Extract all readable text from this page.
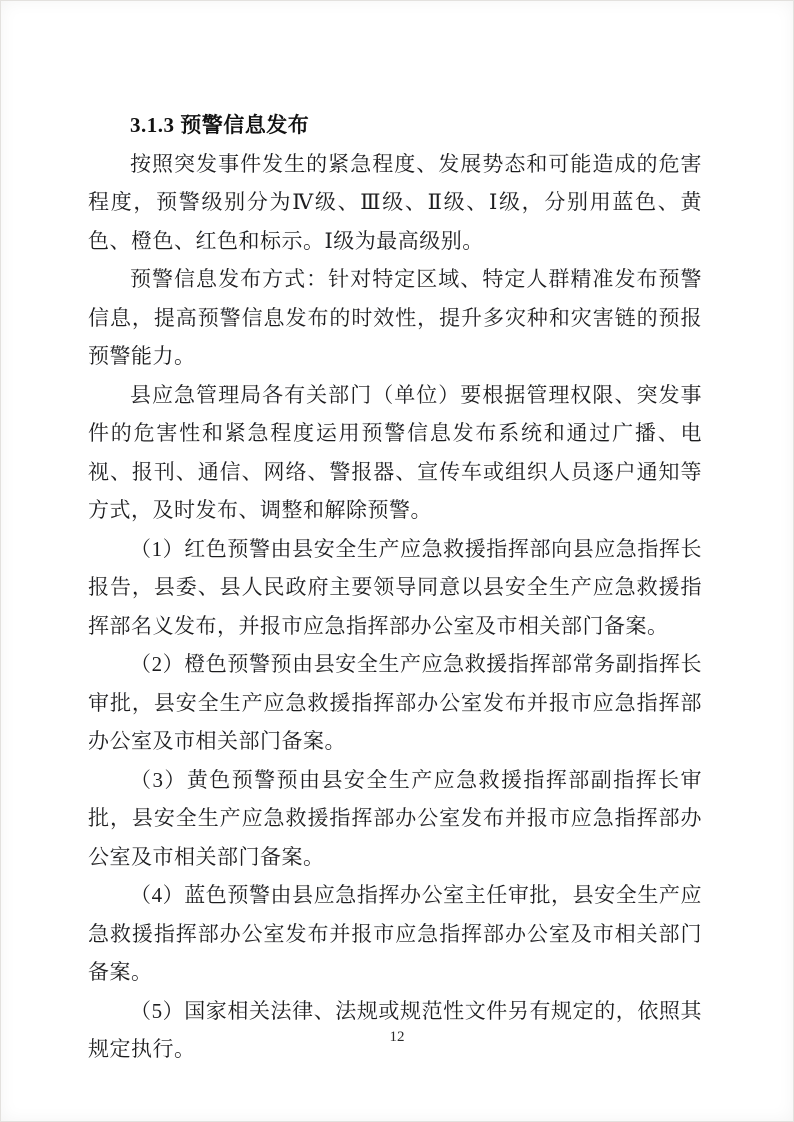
3.1.3 预警信息发布

按照突发事件发生的紧急程度、发展势态和可能造成的危害程度，预警级别分为Ⅳ级、Ⅲ级、Ⅱ级、Ⅰ级，分别用蓝色、黄色、橙色、红色和标示。Ⅰ级为最高级别。

预警信息发布方式：针对特定区域、特定人群精准发布预警信息，提高预警信息发布的时效性，提升多灾种和灾害链的预报预警能力。

县应急管理局各有关部门（单位）要根据管理权限、突发事件的危害性和紧急程度运用预警信息发布系统和通过广播、电视、报刊、通信、网络、警报器、宣传车或组织人员逐户通知等方式，及时发布、调整和解除预警。

（1）红色预警由县安全生产应急救援指挥部向县应急指挥长报告，县委、县人民政府主要领导同意以县安全生产应急救援指挥部名义发布，并报市应急指挥部办公室及市相关部门备案。

（2）橙色预警预由县安全生产应急救援指挥部常务副指挥长审批，县安全生产应急救援指挥部办公室发布并报市应急指挥部办公室及市相关部门备案。

（3）黄色预警预由县安全生产应急救援指挥部副指挥长审批，县安全生产应急救援指挥部办公室发布并报市应急指挥部办公室及市相关部门备案。

（4）蓝色预警由县应急指挥办公室主任审批，县安全生产应急救援指挥部办公室发布并报市应急指挥部办公室及市相关部门备案。

（5）国家相关法律、法规或规范性文件另有规定的，依照其规定执行。	12
